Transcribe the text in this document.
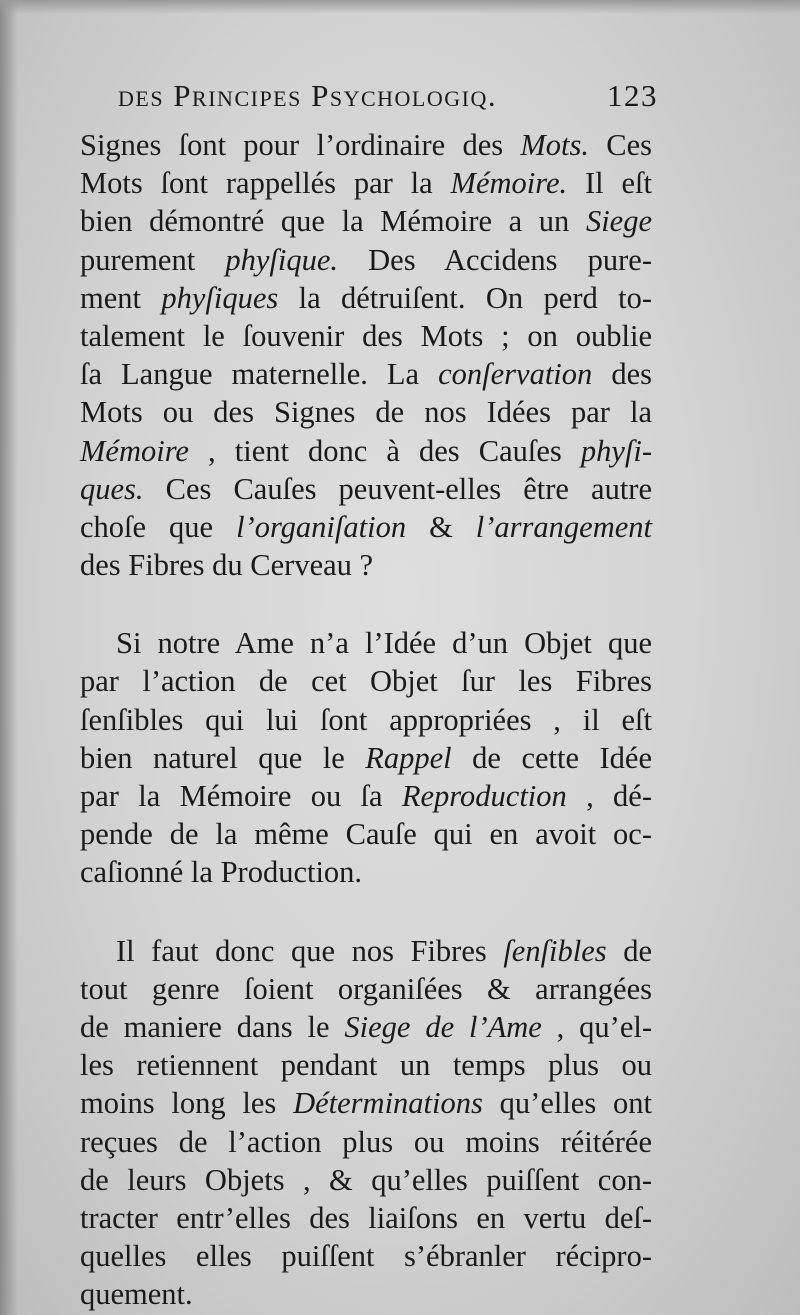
des Principes Psychologiq.	123
Signes ſont pour l’ordinaire des Mots. Ces
Mots ſont rappellés par la Mémoire. Il eſt
bien démontré que la Mémoire a un Siege
purement phyſique. Des Accidens pure-
ment phyſiques la détruiſent. On perd to-
talement le ſouvenir des Mots ; on oublie
ſa Langue maternelle. La conſervation des
Mots ou des Signes de nos Idées par la
Mémoire , tient donc à des Cauſes phyſi-
ques. Ces Cauſes peuvent-elles être autre
choſe que l’organiſation & l’arrangement
des Fibres du Cerveau ?
Si notre Ame n’a l’Idée d’un Objet que
par l’action de cet Objet ſur les Fibres
ſenſibles qui lui ſont appropriées , il eſt
bien naturel que le Rappel de cette Idée
par la Mémoire ou ſa Reproduction , dé-
pende de la même Cauſe qui en avoit oc-
caſionné la Production.
Il faut donc que nos Fibres ſenſibles de
tout genre ſoient organiſées & arrangées
de maniere dans le Siege de l’Ame , qu’el-
les retiennent pendant un temps plus ou
moins long les Déterminations qu’elles ont
reçues de l’action plus ou moins réitérée
de leurs Objets , & qu’elles puiſſent con-
tracter entr’elles des liaiſons en vertu deſ-
quelles elles puiſſent s’ébranler récipro-
quement.
